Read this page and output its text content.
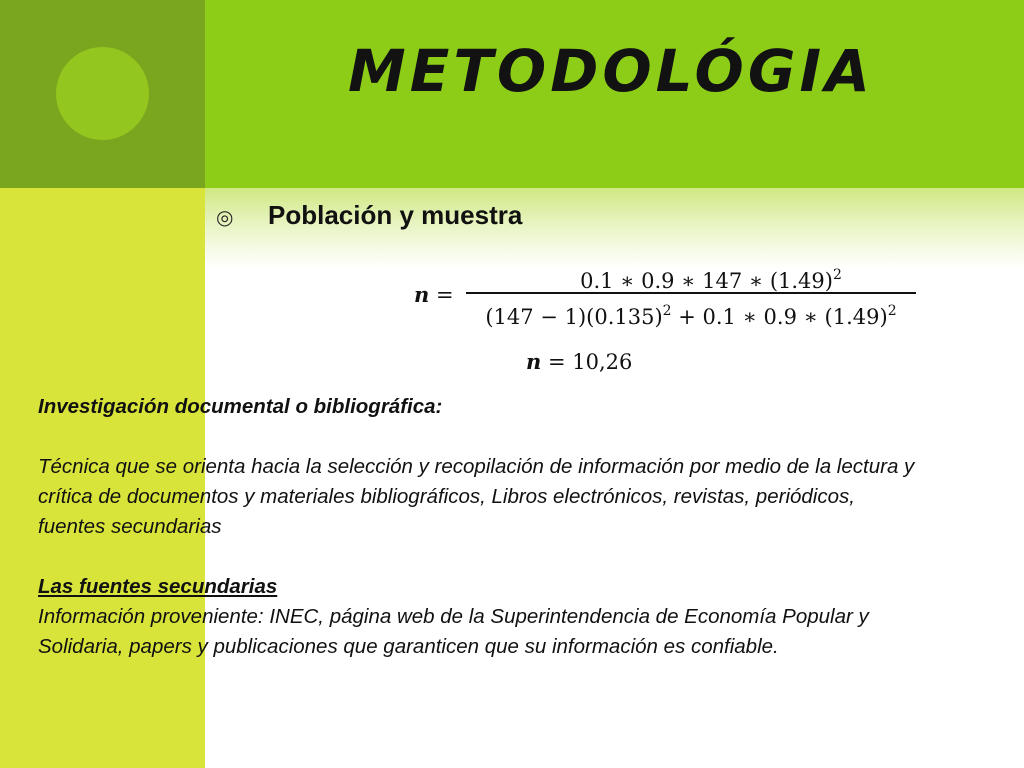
METODOLÓGIA
◎ Población y muestra
n =
0.1 ∗ 0.9 ∗ 147 ∗ $(1.49)^2$
$(147 - 1)(0.135)^2 + 0.1$ ∗ 0.9 ∗ $(1.49)^2$
n = 10,26

Investigación documental o bibliográfica:

Técnica que se orienta hacia la selección y recopilación de información por medio de la lectura y crítica de documentos y materiales bibliográficos, Libros electrónicos, revistas, periódicos, fuentes secundarias

Las fuentes secundarias

Información proveniente: INEC, página web de la Superintendencia de Economía Popular y Solidaria, papers y publicaciones que garanticen que su información es confiable.
